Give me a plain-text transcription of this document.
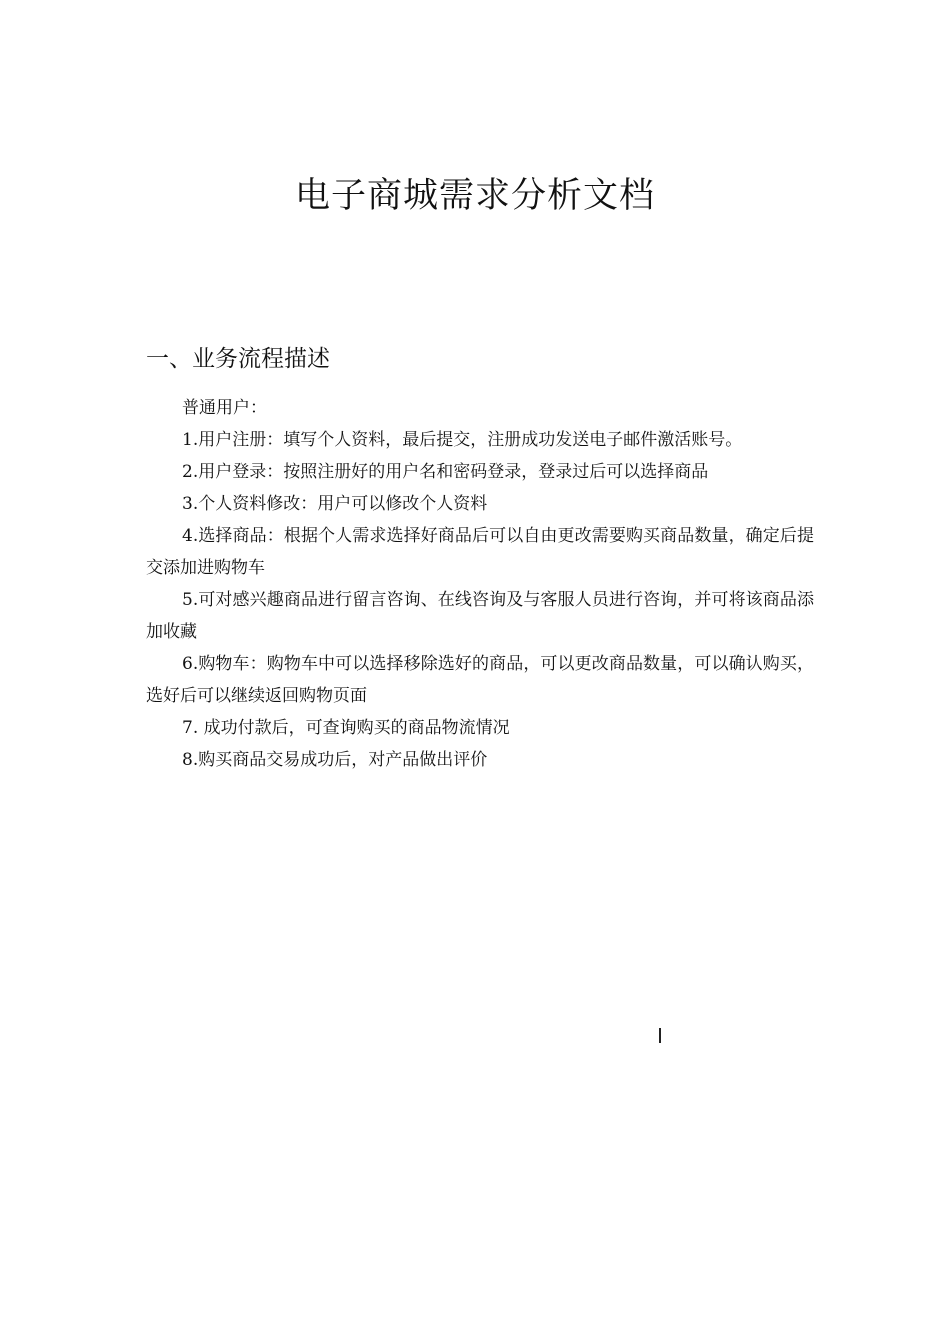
电子商城需求分析文档
一、业务流程描述

普通用户：

1.用户注册：填写个人资料，最后提交，注册成功发送电子邮件激活账号。

2.用户登录：按照注册好的用户名和密码登录，登录过后可以选择商品

3.个人资料修改：用户可以修改个人资料

4.选择商品：根据个人需求选择好商品后可以自由更改需要购买商品数量，确定后提交添加进购物车

5.可对感兴趣商品进行留言咨询、在线咨询及与客服人员进行咨询，并可将该商品添加收藏

6.购物车：购物车中可以选择移除选好的商品，可以更改商品数量，可以确认购买，选好后可以继续返回购物页面

7. 成功付款后，可查询购买的商品物流情况

8.购买商品交易成功后，对产品做出评价
